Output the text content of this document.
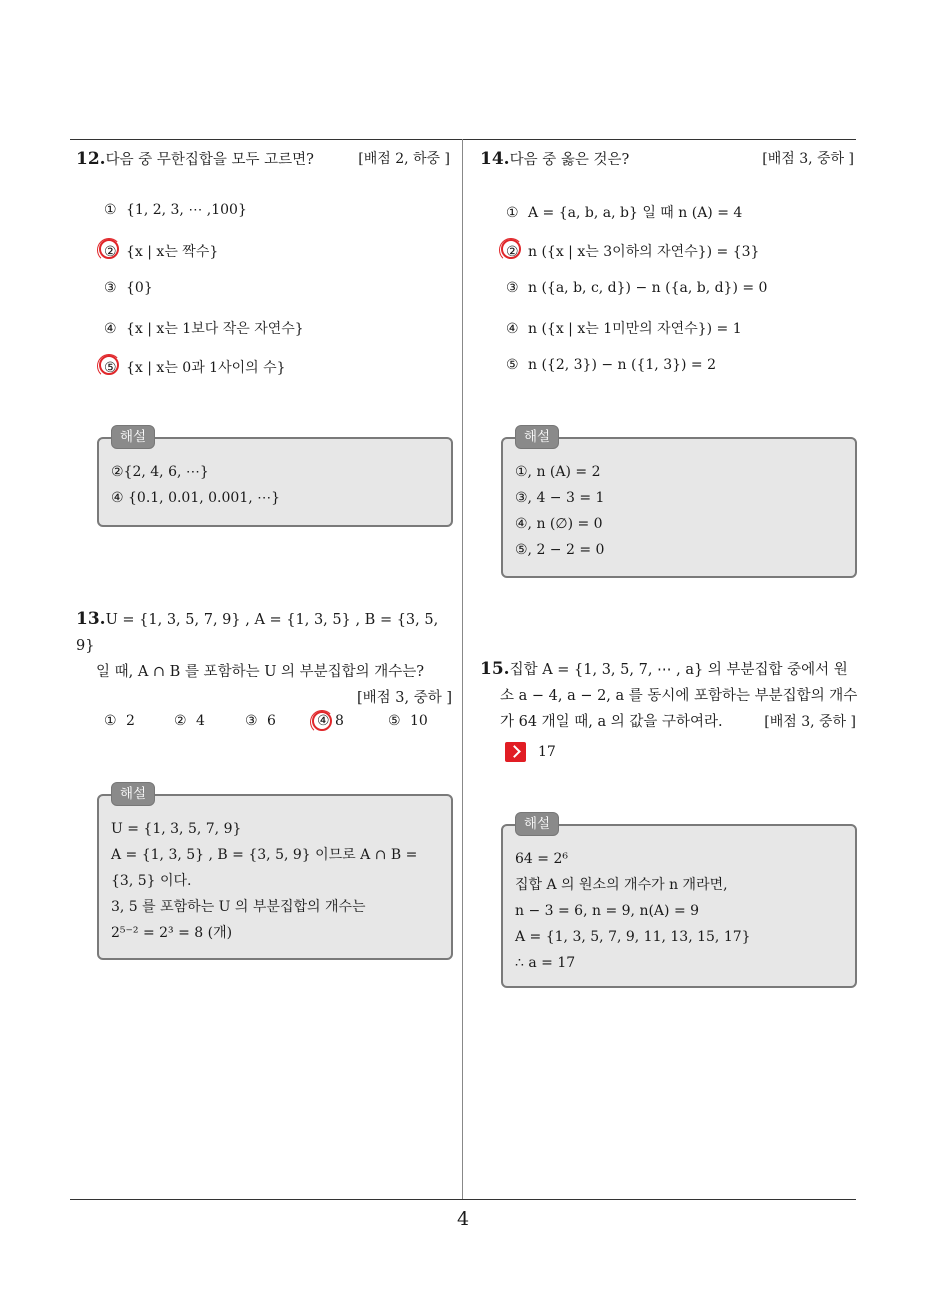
4
[배점 2, 하중 ]
12.다음 중 무한집합을 모두 고르면?
① {1, 2, 3, ⋯ ,100}
② {x | x는 짝수}
③ {0}
④ {x | x는 1보다 작은 자연수}
⑤ {x | x는 0과 1사이의 수}
해설
②{2, 4, 6, ⋯}
④ {0.1, 0.01, 0.001, ⋯}
13.U = {1, 3, 5, 7, 9} , A = {1, 3, 5} , B = {3, 5, 9}
일 때, A ∩ B 를 포함하는 U 의 부분집합의 개수는?
[배점 3, 중하 ]
① 2	② 4	③ 6	④ 8	⑤ 10
해설
U = {1, 3, 5, 7, 9}
A = {1, 3, 5} , B = {3, 5, 9} 이므로 A ∩ B =
{3, 5} 이다.
3, 5 를 포함하는 U 의 부분집합의 개수는
2⁵⁻² = 2³ = 8 (개)
[배점 3, 중하 ]
14.다음 중 옳은 것은?
① A = {a, b, a, b} 일 때 n (A) = 4
② n ({x | x는 3이하의 자연수}) = {3}
③ n ({a, b, c, d}) − n ({a, b, d}) = 0
④ n ({x | x는 1미만의 자연수}) = 1
⑤ n ({2, 3}) − n ({1, 3}) = 2
해설
①, n (A) = 2
③, 4 − 3 = 1
④, n (∅) = 0
⑤, 2 − 2 = 0
15.집합 A = {1, 3, 5, 7, ⋯ , a} 의 부분집합 중에서 원
소 a − 4, a − 2, a 를 동시에 포함하는 부분집합의 개수
가 64 개일 때, a 의 값을 구하여라.	[배점 3, 중하 ]
17
해설
64 = 2⁶
집합 A 의 원소의 개수가 n 개라면,
n − 3 = 6, n = 9, n(A) = 9
A = {1, 3, 5, 7, 9, 11, 13, 15, 17}
∴ a = 17
